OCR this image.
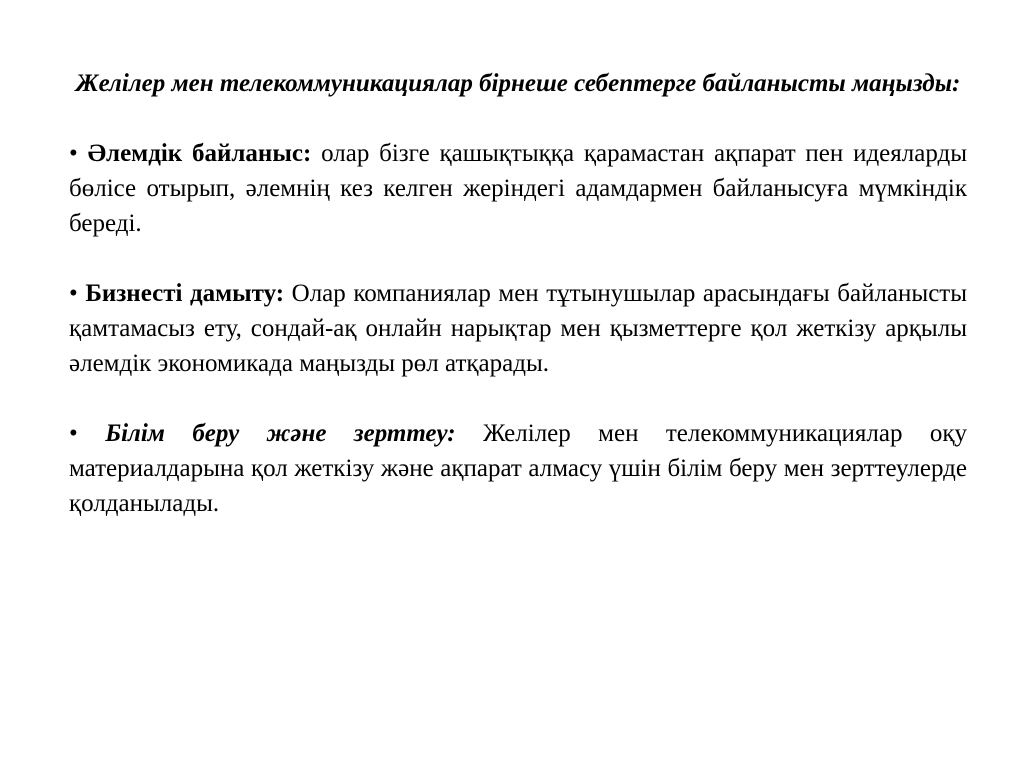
Желілер мен телекоммуникациялар бірнеше себептерге байланысты маңызды:

• Әлемдік байланыс: олар бізге қашықтыққа қарамастан ақпарат пен идеяларды бөлісе отырып, әлемнің кез келген жеріндегі адамдармен байланысуға мүмкіндік береді.

• Бизнесті дамыту: Олар компаниялар мен тұтынушылар арасындағы байланысты қамтамасыз ету, сондай-ақ онлайн нарықтар мен қызметтерге қол жеткізу арқылы әлемдік экономикада маңызды рөл атқарады.

• Білім беру және зерттеу: Желілер мен телекоммуникациялар оқу материалдарына қол жеткізу және ақпарат алмасу үшін білім беру мен зерттеулерде қолданылады.
